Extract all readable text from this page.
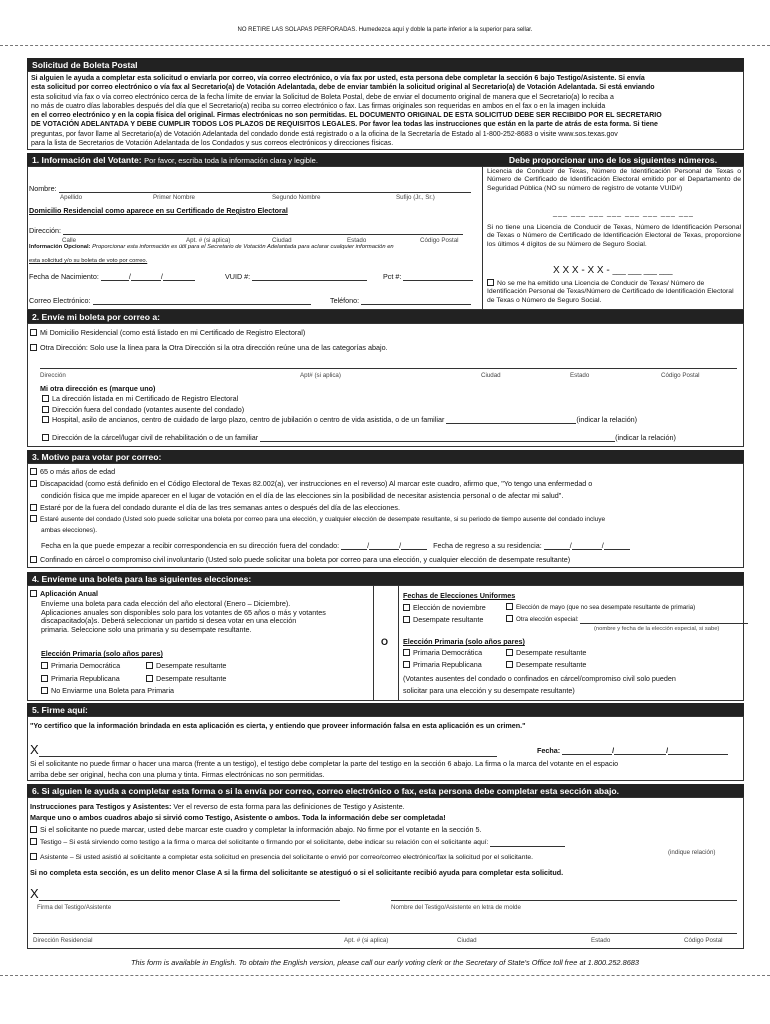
NO RETIRE LAS SOLAPAS PERFORADAS. Humedezca aquí y doble la parte inferior a la superior para sellar.
Solicitud de Boleta Postal
Si alguien le ayuda a completar esta solicitud o enviarla por correo, vía correo electrónico, o vía fax por usted, esta persona debe completar la sección 6 bajo Testigo/Asistente. Si envía
esta solicitud por correo electrónico o vía fax al Secretario(a) de Votación Adelantada, debe de enviar también la solicitud original al Secretario(a) de Votación Adelantada. Si está enviando
esta solicitud vía fax o vía correo electrónico cerca de la fecha límite de enviar la Solicitud de Boleta Postal, debe de enviar el documento original de manera que el Secretario(a) lo reciba a
no más de cuatro días laborables después del día que el Secretario(a) reciba su correo electrónico o fax. Las firmas originales son requeridas en ambos en el fax o en la imagen incluida
en el correo electrónico y en la copia física del original. Firmas electrónicas no son permitidas. EL DOCUMENTO ORIGINAL DE ESTA SOLICITUD DEBE SER RECIBIDO POR EL SECRETARIO
DE VOTACIÓN ADELANTADA Y DEBE CUMPLIR TODOS LOS PLAZOS DE REQUISITOS LEGALES. Por favor lea todas las instrucciones que están en la parte de atrás de esta forma. Si tiene
preguntas, por favor llame al Secretario(a) de Votación Adelantada del condado donde está registrado o a la oficina de la Secretaría de Estado al 1-800-252-8683 o visite www.sos.texas.gov
para la lista de Secretarios de Votación Adelantada de los Condados y sus correos electrónicos y direcciones físicas.
1. Información del Votante: Por favor, escriba toda la información clara y legible.	Debe proporcionar uno de los siguientes números.
Nombre:
Apellido	Primer Nombre	Segundo Nombre	Sufijo (Jr., Sr.)
Domicilio Residencial como aparece en su Certificado de Registro Electoral
Dirección:
Calle	Apt. # (si aplica)	Ciudad	Estado	Código Postal
Información Opcional: Proporcionar esta información es útil para el Secretario de Votación Adelantada para aclarar cualquier información en
esta solicitud y/o su boleta de voto por correo.
Fecha de Nacimiento:	/	/	VUID #:	Pct #:
Correo Electrónico:	Teléfono:
Licencia de Conducir de Texas, Número de Identificación Personal de Texas o Número de Certificado de Identificación Electoral emitido por el Departamento de Seguridad Pública (NO su número de registro de votante VUID#)
___ ___ ___ ___ ___ ___ ___ ___
Si no tiene una Licencia de Conducir de Texas, Número de Identificación Personal de Texas o Número de Certificado de Identificación Electoral de Texas, proporcione los últimos 4 dígitos de su Número de Seguro Social.
X X X - X X - ___ ___ ___ ___
No se me ha emitido una Licencia de Conducir de Texas/ Número de Identificación Personal de Texas/Número de Certificado de Identificación Electoral de Texas o Número de Seguro Social.
2. Envíe mi boleta por correo a:
Mi Domicilio Residencial (como está listado en mi Certificado de Registro Electoral)
Otra Dirección: Solo use la línea para la Otra Dirección si la otra dirección reúne una de las categorías abajo.
Dirección	Apt# (si aplica)	Ciudad	Estado	Código Postal
Mi otra dirección es (marque uno)
La dirección listada en mi Certificado de Registro Electoral
Dirección fuera del condado (votantes ausente del condado)
Hospital, asilo de ancianos, centro de cuidado de largo plazo, centro de jubilación o centro de vida asistida, o de un familiar	(indicar la relación)
Dirección de la cárcel/lugar civil de rehabilitación o de un familiar	(indicar la relación)
3. Motivo para votar por correo:
65 o más años de edad
Discapacidad (como está definido en el Código Electoral de Texas 82.002(a), ver instrucciones en el reverso) Al marcar este cuadro, afirmo que, "Yo tengo una enfermedad o
condición física que me impide aparecer en el lugar de votación en el día de las elecciones sin la posibilidad de necesitar asistencia personal o de afectar mi salud".
Estaré por de la fuera del condado durante el día de las tres semanas antes o después del día de las elecciones.
Estaré ausente del condado (Usted solo puede solicitar una boleta por correo para una elección, y cualquier elección de desempate resultante, si su periodo de tiempo ausente del condado incluye
ambas elecciones).
Fecha en la que puede empezar a recibir correspondencia en su dirección fuera del condado:	/	/	Fecha de regreso a su residencia:	/	/
Confinado en cárcel o compromiso civil involuntario (Usted solo puede solicitar una boleta por correo para una elección, y cualquier elección de desempate resultante)
4. Envíeme una boleta para las siguientes elecciones:
Aplicación Anual
Envíeme una boleta para cada elección del año electoral (Enero – Diciembre).
Aplicaciones anuales son disponibles solo para los votantes de 65 años o más y votantes
discapacitado(a)s. Deberá seleccionar un partido si desea votar en una elección
primaria. Seleccione solo una primaria y su desempate resultante.
Elección Primaria (solo años pares)
Primaria Democrática	Desempate resultante
Primaria Republicana	Desempate resultante
No Enviarme una Boleta para Primaria
O
Fechas de Elecciones Uniformes
Elección de noviembre	Elección de mayo (que no sea desempate resultante de primaria)
Desempate resultante	Otra elección especial:
(nombre y fecha de la elección especial, si sabe)
Elección Primaria (solo años pares)
Primaria Democrática	Desempate resultante
Primaria Republicana	Desempate resultante
(Votantes ausentes del condado o confinados en cárcel/compromiso civil solo pueden
solicitar para una elección y su desempate resultante)
5. Firme aquí:
"Yo certifico que la información brindada en esta aplicación es cierta, y entiendo que proveer información falsa en esta aplicación es un crimen."
X	Fecha:	/	/
Si el solicitante no puede firmar o hacer una marca (frente a un testigo), el testigo debe completar la parte del testigo en la sección 6 abajo. La firma o la marca del votante en el espacio
arriba debe ser original, hecha con una pluma y tinta. Firmas electrónicas no son permitidas.
6. Si alguien le ayuda a completar esta forma o si la envía por correo, correo electrónico o fax, esta persona debe completar esta sección abajo.
Instrucciones para Testigos y Asistentes: Ver el reverso de esta forma para las definiciones de Testigo y Asistente.
Marque uno o ambos cuadros abajo si sirvió como Testigo, Asistente o ambos. Toda la información debe ser completada!
Si el solicitante no puede marcar, usted debe marcar este cuadro y completar la información abajo. No firme por el votante en la sección 5.
Testigo – Si está sirviendo como testigo a la firma o marca del solicitante o firmando por el solicitante, debe indicar su relación con el solicitante aquí:
(indique relación)
Asistente – Si usted asistió al solicitante a completar esta solicitud en presencia del solicitante o envió por correo/correo electrónico/fax la solicitud por el solicitante.
Si no completa esta sección, es un delito menor Clase A si la firma del solicitante se atestiguó o si el solicitante recibió ayuda para completar esta solicitud.
X
Firma del Testigo/Asistente	Nombre del Testigo/Asistente en letra de molde
Dirección Residencial	Apt. # (si aplica)	Ciudad	Estado	Código Postal
This form is available in English. To obtain the English version, please call our early voting clerk or the Secretary of State's Office toll free at 1.800.252.8683
